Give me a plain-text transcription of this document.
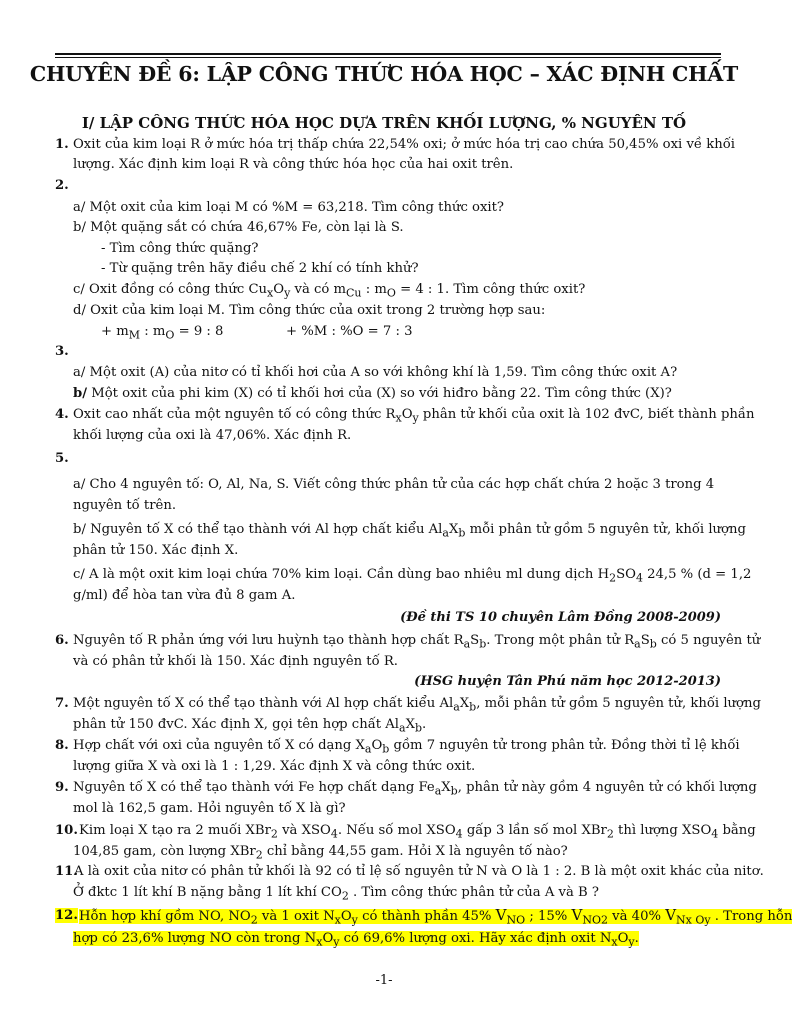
CHUYÊN ĐỀ 6: LẬP CÔNG THỨC HÓA HỌC – XÁC ĐỊNH CHẤT
I/ LẬP CÔNG THỨC HÓA HỌC DỰA TRÊN KHỐI LƯỢNG, % NGUYÊN TỐ
1. Oxit của kim loại R ở mức hóa trị thấp chứa 22,54% oxi; ở mức hóa trị cao chứa 50,45% oxi về khối
lượng. Xác định kim loại R và công thức hóa học của hai oxit trên.
2.
a/ Một oxit của kim loại M có %M = 63,218. Tìm công thức oxit?
b/ Một quặng sắt có chứa 46,67% Fe, còn lại là S.
- Tìm công thức quặng?
- Từ quặng trên hãy điều chế 2 khí có tính khử?
c/ Oxit đồng có công thức $Cu_xO_y$ và có $m_{Cu}$ : $m_O = 4$ : 1. Tìm công thức oxit?
d/ Oxit của kim loại M. Tìm công thức của oxit trong 2 trường hợp sau:
+ $m_M$ : $m_O = 9$ : 8	+ %M : %O = 7 : 3
3.
a/ Một oxit (A) của nitơ có tỉ khối hơi của A so với không khí là 1,59. Tìm công thức oxit A?
b/ Một oxit của phi kim (X) có tỉ khối hơi của (X) so với hiđro bằng 22. Tìm công thức (X)?
4. Oxit cao nhất của một nguyên tố có công thức $R_xO_y$ phân tử khối của oxit là 102 đvC, biết thành phần
khối lượng của oxi là 47,06%. Xác định R.
5.
a/ Cho 4 nguyên tố: O, Al, Na, S. Viết công thức phân tử của các hợp chất chứa 2 hoặc 3 trong 4
nguyên tố trên.
b/ Nguyên tố X có thể tạo thành với Al hợp chất kiểu $Al_aX_b$ mỗi phân tử gồm 5 nguyên tử, khối lượng
phân tử 150. Xác định X.
c/ A là một oxit kim loại chứa 70% kim loại. Cần dùng bao nhiêu ml dung dịch $H_2SO_4$ 24,5 % (d = 1,2
g/ml) để hòa tan vừa đủ 8 gam A.
(Đề thi TS 10 chuyên Lâm Đồng 2008-2009)
6. Nguyên tố R phản ứng với lưu huỳnh tạo thành hợp chất $R_aS_b$. Trong một phân tử $R_aS_b$ có 5 nguyên tử
và có phân tử khối là 150. Xác định nguyên tố R.
(HSG huyện Tân Phú năm học 2012-2013)
7. Một nguyên tố X có thể tạo thành với Al hợp chất kiểu $Al_aX_b$, mỗi phân tử gồm 5 nguyên tử, khối lượng
phân tử 150 đvC. Xác định X, gọi tên hợp chất $Al_aX_b$.
8. Hợp chất với oxi của nguyên tố X có dạng $X_aO_b$ gồm 7 nguyên tử trong phân tử. Đồng thời tỉ lệ khối
lượng giữa X và oxi là 1 : 1,29. Xác định X và công thức oxit.
9. Nguyên tố X có thể tạo thành với Fe hợp chất dạng $Fe_aX_b$, phân tử này gồm 4 nguyên tử có khối lượng
mol là 162,5 gam. Hỏi nguyên tố X là gì?
10. Kim loại X tạo ra 2 muối XBr$_2$ và $XSO_4$. Nếu số mol $XSO_4$ gấp 3 lần số mol XBr$_2$ thì lượng $XSO_4$ bằng
104,85 gam, còn lượng XBr$_2$ chỉ bằng 44,55 gam. Hỏi X là nguyên tố nào?
11.
A là oxit của nitơ có phân tử khối là 92 có tỉ lệ số nguyên tử N và O là 1 : 2. B là một oxit khác của nitơ.
Ở đktc 1 lít khí B nặng bằng 1 lít khí $CO_2$ . Tìm công thức phân tử của A và B ?
12. Hỗn hợp khí gồm NO, $NO_2$ và 1 oxit $N_xO_y$ có thành phần 45% $V_{NO}$ ; 15% $V_{NO2}$ và 40% $V_{Nx Oy}$ . Trong hỗn
hợp có 23,6% lượng NO còn trong $N_xO_y$ có 69,6% lượng oxi. Hãy xác định oxit $N_xO_y$.
-1-
